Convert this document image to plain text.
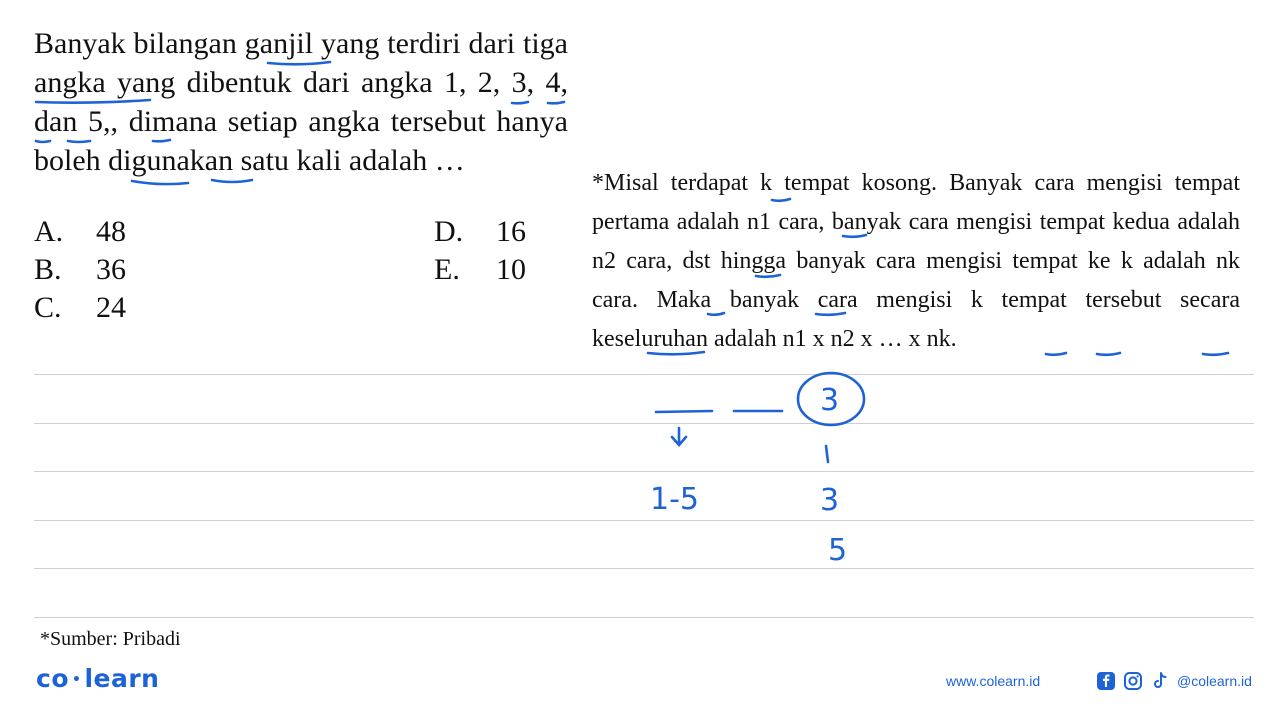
Banyak bilangan ganjil yang terdiri dari tiga angka yang dibentuk dari angka 1, 2, 3, 4, dan 5,, dimana setiap angka tersebut hanya boleh digunakan satu kali adalah …
A. 48
B. 36
C. 24
D. 16
E. 10
*Misal terdapat k tempat kosong. Banyak cara mengisi tempat pertama adalah n1 cara, banyak cara mengisi tempat kedua adalah n2 cara, dst hingga banyak cara mengisi tempat ke k adalah nk cara. Maka banyak cara mengisi k tempat tersebut secara keseluruhan adalah n1 x n2 x … x nk.
3
1-5	3
5
*Sumber: Pribadi
co • learn	www.colearn.id	@colearn.id
